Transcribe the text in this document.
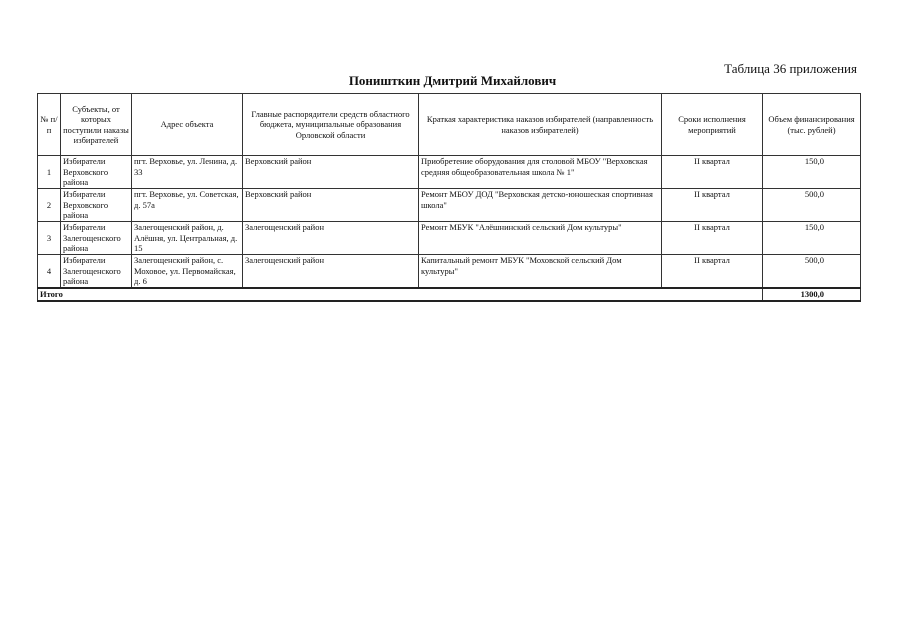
Таблица 36 приложения
Поништкин Дмитрий Михайлович
№ п/п	Субъекты, от которых поступили наказы избирателей	Адрес объекта	Главные распорядители средств областного бюджета, муниципальные образования Орловской области	Краткая характеристика наказов избирателей (направленность наказов избирателей)	Сроки исполнения мероприятий	Объем финансирования (тыс. рублей)
1	Избиратели Верховского района	пгт. Верховье, ул. Ленина, д. 33	Верховский район	Приобретение оборудования для столовой МБОУ "Верховская средняя общеобразовательная школа № 1"	II квартал	150,0
2	Избиратели Верховского района	пгт. Верховье, ул. Советская, д. 57а	Верховский район	Ремонт МБОУ ДОД "Верховская детско-юношеская спортивная школа"	II квартал	500,0
3	Избиратели Залегощенского района	Залегощенский район, д. Алёшня, ул. Центральная, д. 15	Залегощенский район	Ремонт МБУК "Алёшнинский сельский Дом культуры"	II квартал	150,0
4	Избиратели Залегощенского района	Залегощенский район, с. Моховое, ул. Первомайская, д. 6	Залегощенский район	Капитальный ремонт МБУК "Моховской сельский Дом культуры"	II квартал	500,0
Итого						1300,0
